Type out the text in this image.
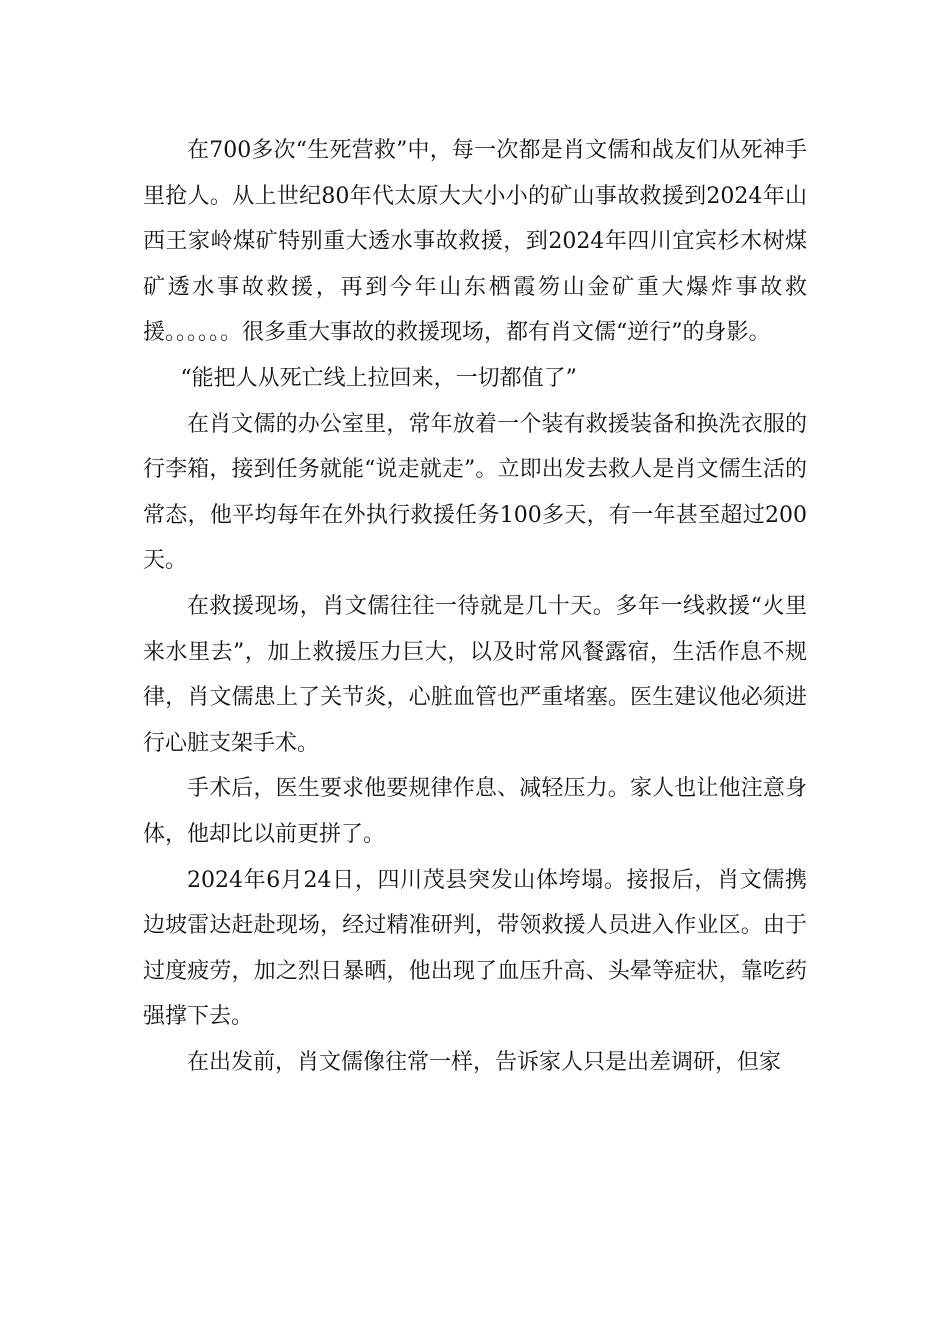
在700多次“生死营救”中，每一次都是肖文儒和战友们从死神手里抢人。从上世纪80年代太原大大小小的矿山事故救援到2024年山西王家岭煤矿特别重大透水事故救援，到2024年四川宜宾杉木树煤矿透水事故救援，再到今年山东栖霞笏山金矿重大爆炸事故救援。。。。。。很多重大事故的救援现场，都有肖文儒“逆行”的身影。

“能把人从死亡线上拉回来，一切都值了”

在肖文儒的办公室里，常年放着一个装有救援装备和换洗衣服的行李箱，接到任务就能“说走就走”。立即出发去救人是肖文儒生活的常态，他平均每年在外执行救援任务100多天，有一年甚至超过200天。

在救援现场，肖文儒往往一待就是几十天。多年一线救援“火里来水里去”，加上救援压力巨大，以及时常风餐露宿，生活作息不规律，肖文儒患上了关节炎，心脏血管也严重堵塞。医生建议他必须进行心脏支架手术。

手术后，医生要求他要规律作息、减轻压力。家人也让他注意身体，他却比以前更拼了。

2024年6月24日，四川茂县突发山体垮塌。接报后，肖文儒携边坡雷达赶赴现场，经过精准研判，带领救援人员进入作业区。由于过度疲劳，加之烈日暴晒，他出现了血压升高、头晕等症状，靠吃药强撑下去。

在出发前，肖文儒像往常一样，告诉家人只是出差调研，但家
